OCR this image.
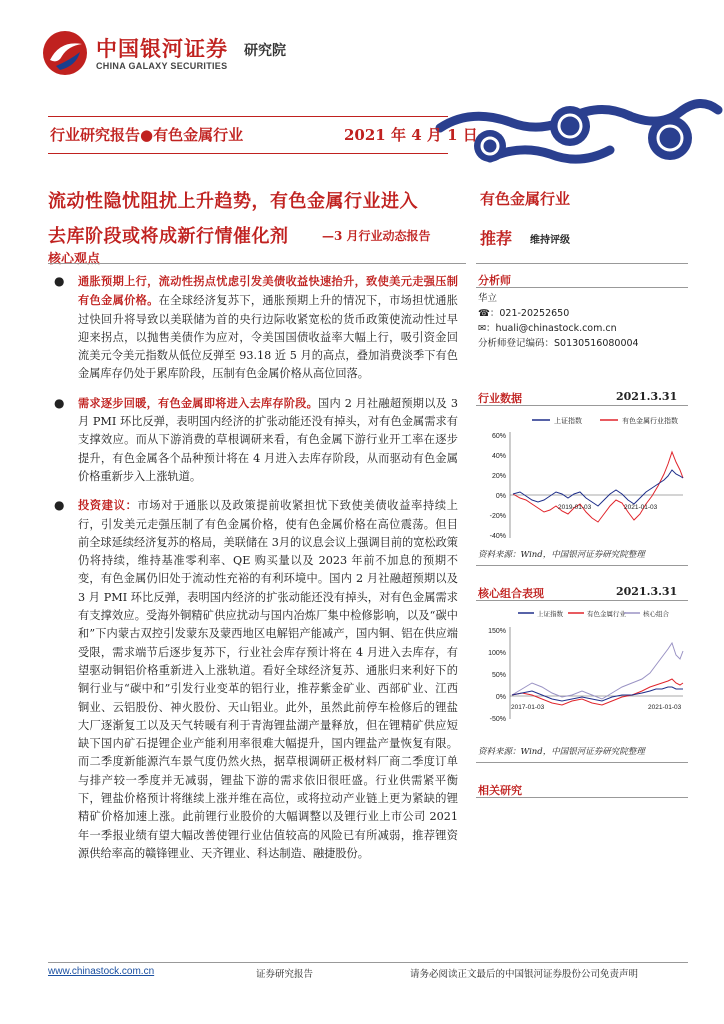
中国银河证券
CHINA GALAXY SECURITIES
研究院
行业研究报告●有色金属行业	2021 年 4 月 1 日
流动性隐忧阻扰上升趋势，有色金属行业进入
去库阶段或将成新行情催化剂	—3 月行业动态报告
核心观点

● 通胀预期上行，流动性拐点忧虑引发美债收益快速抬升，致使美元走强压制有色金属价格。在全球经济复苏下，通胀预期上升的情况下，市场担忧通胀过快回升将导致以美联储为首的央行边际收紧宽松的货币政策使流动性过早迎来拐点，以抛售美债作为应对，令美国国债收益率大幅上行，吸引资金回流美元令美元指数从低位反弹至 93.18 近 5 月的高点，叠加消费淡季下有色金属库存仍处于累库阶段，压制有色金属价格从高位回落。

● 需求逐步回暖，有色金属即将进入去库存阶段。国内 2 月社融超预期以及 3 月 PMI 环比反弹，表明国内经济的扩张动能还没有掉头，对有色金属需求有支撑效应。而从下游消费的草根调研来看，有色金属下游行业开工率在逐步提升，有色金属各个品种预计将在 4 月进入去库存阶段，从而驱动有色金属价格重新步入上涨轨道。

● 投资建议：市场对于通胀以及政策提前收紧担忧下致使美债收益率持续上行，引发美元走强压制了有色金属价格，使有色金属价格在高位震荡。但目前全球延续经济复苏的格局，美联储在 3月的议息会议上强调目前的宽松政策仍将持续，维持基准零利率、QE 购买量以及 2023 年前不加息的预期不变，有色金属仍旧处于流动性充裕的有利环境中。国内 2 月社融超预期以及 3 月 PMI 环比反弹，表明国内经济的扩张动能还没有掉头，对有色金属需求有支撑效应。受海外铜精矿供应扰动与国内冶炼厂集中检修影响，以及“碳中和”下内蒙古双控引发蒙东及蒙西地区电解铝产能减产，国内铜、铝在供应端受限，需求端节后逐步复苏下，行业社会库存预计将在 4 月进入去库存，有望驱动铜铝价格重新进入上涨轨道。看好全球经济复苏、通胀归来利好下的铜行业与“碳中和”引发行业变革的铝行业，推荐紫金矿业、西部矿业、江西铜业、云铝股份、神火股份、天山铝业。此外，虽然此前停车检修后的锂盐大厂逐渐复工以及天气转暖有利于青海锂盐湖产量释放，但在锂精矿供应短缺下国内矿石提锂企业产能利用率很难大幅提升，国内锂盐产量恢复有限。而二季度新能源汽车景气度仍然火热，据草根调研正极材料厂商二季度订单与排产较一季度并无减弱，锂盐下游的需求依旧很旺盛。行业供需紧平衡下，锂盐价格预计将继续上涨并维在高位，或将拉动产业链上更为紧缺的锂精矿价格加速上涨。此前锂行业股价的大幅调整以及锂行业上市公司 2021 年一季报业绩有望大幅改善使锂行业估值较高的风险已有所减弱，推荐锂资源供给率高的赣锋锂业、天齐锂业、科达制造、融捷股份。

有色金属行业
推荐 维持评级
分析师
华立
☎：021-20252650
✉：huali@chinastock.com.cn
分析师登记编码：S0130516080004
行业数据	2021.3.31
上证指数	有色金属行业指数
60%
40%
20%
0%
-20%
-40%
2019-01-03	2021-01-03
资料来源：Wind，中国银河证券研究院整理
核心组合表现	2021.3.31
上证指数	有色金属行业	核心组合
150%
100%
50%
0%
-50%
2017-01-03	2021-01-03
资料来源：Wind，中国银河证券研究院整理
相关研究
www.chinastock.com.cn	证券研究报告	请务必阅读正文最后的中国银河证券股份公司免责声明
